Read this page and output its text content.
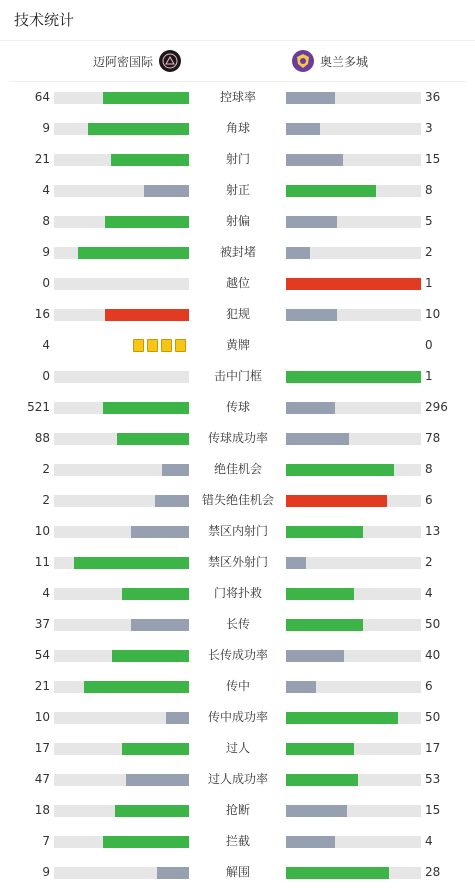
技术统计
迈阿密国际	奥兰多城
64	控球率	36
9	角球	3
21	射门	15
4	射正	8
8	射偏	5
9	被封堵	2
0	越位	1
16	犯规	10
4	黄牌	0
0	击中门框	1
521	传球	296
88	传球成功率	78
2	绝佳机会	8
2	错失绝佳机会	6
10	禁区内射门	13
11	禁区外射门	2
4	门将扑救	4
37	长传	50
54	长传成功率	40
21	传中	6
10	传中成功率	50
17	过人	17
47	过人成功率	53
18	抢断	15
7	拦截	4
9	解围	28
